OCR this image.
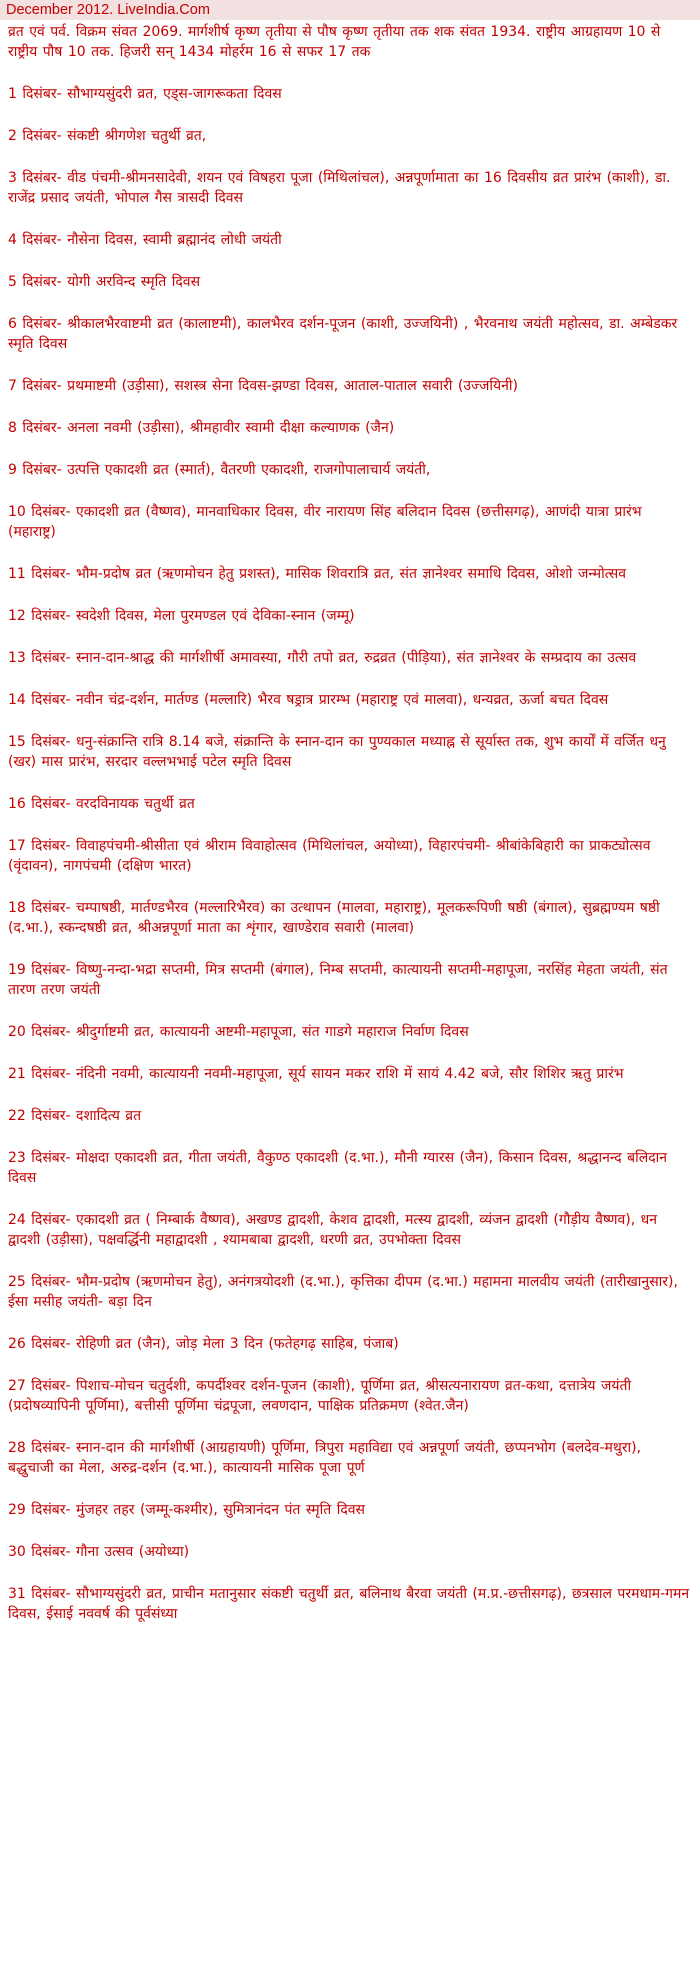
December 2012. LiveIndia.Com
व्रत एवं पर्व. विक्रम संवत 2069. मार्गशीर्ष कृष्ण तृतीया से पौष कृष्ण तृतीया तक शक संवत 1934. राष्ट्रीय आग्रहायण 10 से राष्ट्रीय पौष 10 तक. हिजरी सन् 1434 मोहर्रम 16 से सफर 17 तक
1 दिसंबर- सौभाग्यसुंदरी व्रत, एड्स-जागरूकता दिवस
2 दिसंबर- संकष्टी श्रीगणेश चतुर्थी व्रत,
3 दिसंबर- वीड पंचमी-श्रीमनसादेवी, शयन एवं विषहरा पूजा (मिथिलांचल), अन्नपूर्णामाता का 16 दिवसीय व्रत प्रारंभ (काशी), डा. राजेंद्र प्रसाद जयंती, भोपाल गैस त्रासदी दिवस
4 दिसंबर- नौसेना दिवस, स्वामी ब्रह्मानंद लोधी जयंती
5 दिसंबर- योगी अरविन्द स्मृति दिवस
6 दिसंबर- श्रीकालभैरवाष्टमी व्रत (कालाष्टमी), कालभैरव दर्शन-पूजन (काशी, उज्जयिनी) , भैरवनाथ जयंती महोत्सव, डा. अम्बेडकर स्मृति दिवस
7 दिसंबर- प्रथमाष्टमी (उड़ीसा), सशस्त्र सेना दिवस-झण्डा दिवस, आताल-पाताल सवारी (उज्जयिनी)
8 दिसंबर- अनला नवमी (उड़ीसा), श्रीमहावीर स्वामी दीक्षा कल्याणक (जैन)
9 दिसंबर- उत्पत्ति एकादशी व्रत (स्मार्त), वैतरणी एकादशी, राजगोपालाचार्य जयंती,
10 दिसंबर- एकादशी व्रत (वैष्णव), मानवाधिकार दिवस, वीर नारायण सिंह बलिदान दिवस (छत्तीसगढ़), आणंदी यात्रा प्रारंभ (महाराष्ट्र)
11 दिसंबर- भौम-प्रदोष व्रत (ऋणमोचन हेतु प्रशस्त), मासिक शिवरात्रि व्रत, संत ज्ञानेश्वर समाधि दिवस, ओशो जन्मोत्सव
12 दिसंबर- स्वदेशी दिवस, मेला पुरमण्डल एवं देविका-स्नान (जम्मू)
13 दिसंबर- स्नान-दान-श्राद्ध की मार्गशीर्षी अमावस्या, गौरी तपो व्रत, रुद्रव्रत (पीड़िया), संत ज्ञानेश्वर के सम्प्रदाय का उत्सव
14 दिसंबर- नवीन चंद्र-दर्शन, मार्तण्ड (मल्लारि) भैरव षड्रात्र प्रारम्भ (महाराष्ट्र एवं मालवा), धन्यव्रत, ऊर्जा बचत दिवस
15 दिसंबर- धनु-संक्रान्ति रात्रि 8.14 बजे, संक्रान्ति के स्नान-दान का पुण्यकाल मध्याह्न से सूर्यास्त तक, शुभ कार्यों में वर्जित धनु (खर) मास प्रारंभ, सरदार वल्लभभाई पटेल स्मृति दिवस
16 दिसंबर- वरदविनायक चतुर्थी व्रत
17 दिसंबर- विवाहपंचमी-श्रीसीता एवं श्रीराम विवाहोत्सव (मिथिलांचल, अयोध्या), विहारपंचमी- श्रीबांकेबिहारी का प्राकट्योत्सव (वृंदावन), नागपंचमी (दक्षिण भारत)
18 दिसंबर- चम्पाषष्ठी, मार्तण्डभैरव (मल्लारिभैरव) का उत्थापन (मालवा, महाराष्ट्र), मूलकरूपिणी षष्ठी (बंगाल), सुब्रह्मण्यम षष्ठी (द.भा.), स्कन्दषष्ठी व्रत, श्रीअन्नपूर्णा माता का शृंगार, खाण्डेराव सवारी (मालवा)
19 दिसंबर- विष्णु-नन्दा-भद्रा सप्तमी, मित्र सप्तमी (बंगाल), निम्ब सप्तमी, कात्यायनी सप्तमी-महापूजा, नरसिंह मेहता जयंती, संत तारण तरण जयंती
20 दिसंबर- श्रीदुर्गाष्टमी व्रत, कात्यायनी अष्टमी-महापूजा, संत गाडगे महाराज निर्वाण दिवस
21 दिसंबर- नंदिनी नवमी, कात्यायनी नवमी-महापूजा, सूर्य सायन मकर राशि में सायं 4.42 बजे, सौर शिशिर ऋतु प्रारंभ
22 दिसंबर- दशादित्य व्रत
23 दिसंबर- मोक्षदा एकादशी व्रत, गीता जयंती, वैकुण्ठ एकादशी (द.भा.), मौनी ग्यारस (जैन), किसान दिवस, श्रद्धानन्द बलिदान दिवस
24 दिसंबर- एकादशी व्रत ( निम्बार्क वैष्णव), अखण्ड द्वादशी, केशव द्वादशी, मत्स्य द्वादशी, व्यंजन द्वादशी (गौड़ीय वैष्णव), धन द्वादशी (उड़ीसा), पक्षवर्द्धिनी महाद्वादशी , श्यामबाबा द्वादशी, धरणी व्रत, उपभोक्ता दिवस
25 दिसंबर- भौम-प्रदोष (ऋणमोचन हेतु), अनंगत्रयोदशी (द.भा.), कृत्तिका दीपम (द.भा.) महामना मालवीय जयंती (तारीखानुसार), ईसा मसीह जयंती- बड़ा दिन
26 दिसंबर- रोहिणी व्रत (जैन), जोड़ मेला 3 दिन (फतेहगढ़ साहिब, पंजाब)
27 दिसंबर- पिशाच-मोचन चतुर्दशी, कपर्दीश्वर दर्शन-पूजन (काशी), पूर्णिमा व्रत, श्रीसत्यनारायण व्रत-कथा, दत्तात्रेय जयंती (प्रदोषव्यापिनी पूर्णिमा), बत्तीसी पूर्णिमा चंद्रपूजा, लवणदान, पाक्षिक प्रतिक्रमण (श्वेत.जैन)
28 दिसंबर- स्नान-दान की मार्गशीर्षी (आग्रहायणी) पूर्णिमा, त्रिपुरा महाविद्या एवं अन्नपूर्णा जयंती, छप्पनभोग (बलदेव-मथुरा), बद्धुचाजी का मेला, अरुद्र-दर्शन (द.भा.), कात्यायनी मासिक पूजा पूर्ण
29 दिसंबर- मुंजहर तहर (जम्मू-कश्मीर), सुमित्रानंदन पंत स्मृति दिवस
30 दिसंबर- गौना उत्सव (अयोध्या)
31 दिसंबर- सौभाग्यसुंदरी व्रत, प्राचीन मतानुसार संकष्टी चतुर्थी व्रत, बलिनाथ बैरवा जयंती (म.प्र.-छत्तीसगढ़), छत्रसाल परमधाम-गमन दिवस, ईसाई नववर्ष की पूर्वसंध्या
